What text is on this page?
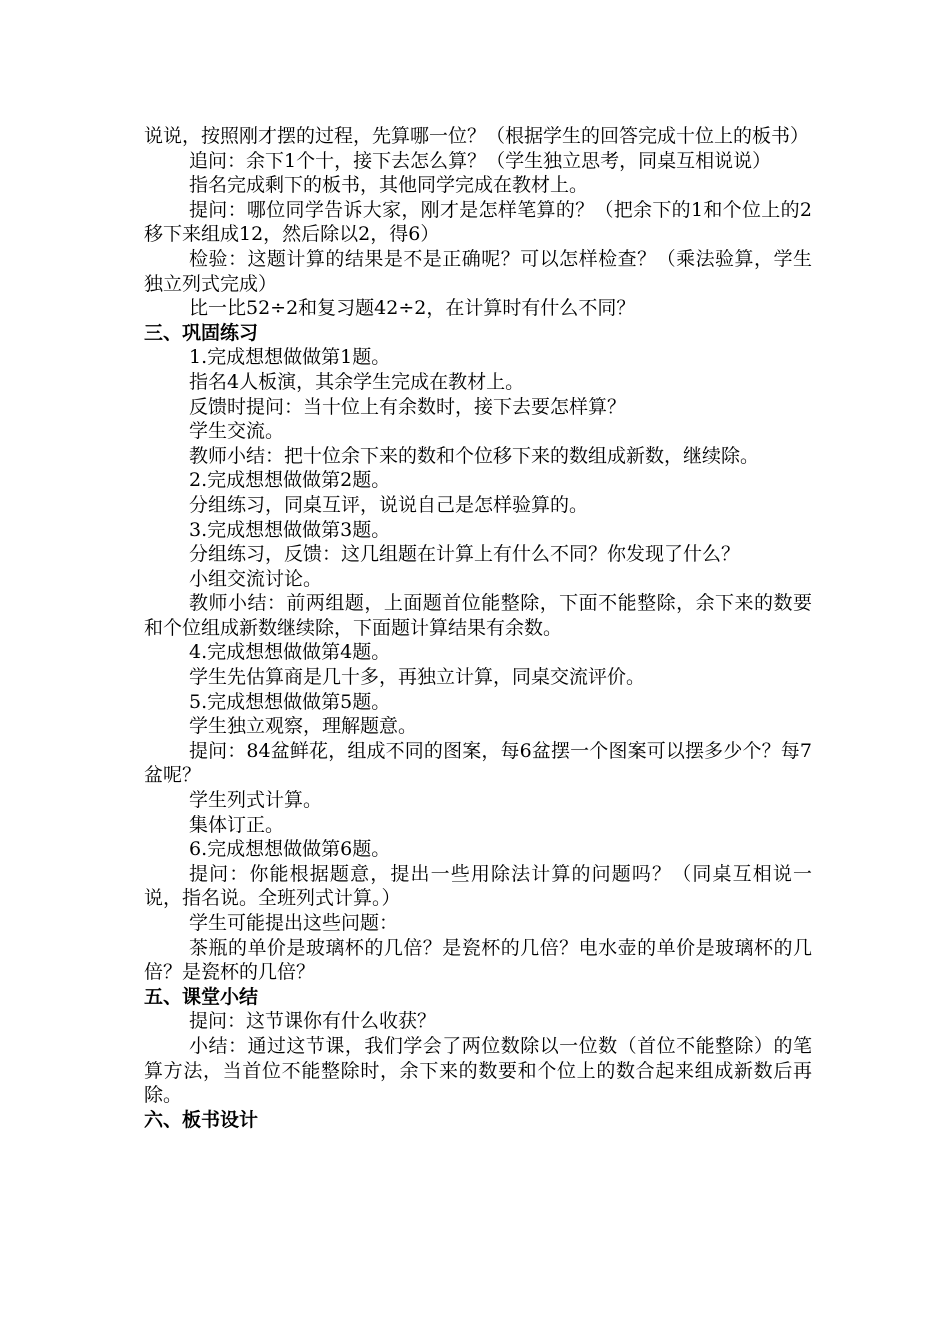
说说，按照刚才摆的过程，先算哪一位？（根据学生的回答完成十位上的板书）

追问：余下1个十，接下去怎么算？（学生独立思考，同桌互相说说）

指名完成剩下的板书，其他同学完成在教材上。

提问：哪位同学告诉大家，刚才是怎样笔算的？（把余下的1和个位上的2移下来组成12，然后除以2，得6）

检验：这题计算的结果是不是正确呢？可以怎样检查？（乘法验算，学生独立列式完成）

比一比52÷2和复习题42÷2，在计算时有什么不同？

三、巩固练习

1.完成想想做做第1题。

指名4人板演，其余学生完成在教材上。

反馈时提问：当十位上有余数时，接下去要怎样算？

学生交流。

教师小结：把十位余下来的数和个位移下来的数组成新数，继续除。

2.完成想想做做第2题。

分组练习，同桌互评，说说自己是怎样验算的。

3.完成想想做做第3题。

分组练习，反馈：这几组题在计算上有什么不同？你发现了什么？

小组交流讨论。

教师小结：前两组题，上面题首位能整除，下面不能整除，余下来的数要和个位组成新数继续除，下面题计算结果有余数。

4.完成想想做做第4题。

学生先估算商是几十多，再独立计算，同桌交流评价。

5.完成想想做做第5题。

学生独立观察，理解题意。

提问：84盆鲜花，组成不同的图案，每6盆摆一个图案可以摆多少个？每7盆呢？

学生列式计算。

集体订正。

6.完成想想做做第6题。

提问：你能根据题意，提出一些用除法计算的问题吗？（同桌互相说一说，指名说。全班列式计算。）

学生可能提出这些问题：

茶瓶的单价是玻璃杯的几倍？是瓷杯的几倍？电水壶的单价是玻璃杯的几倍？是瓷杯的几倍？

五、课堂小结

提问：这节课你有什么收获？

小结：通过这节课，我们学会了两位数除以一位数（首位不能整除）的笔算方法，当首位不能整除时，余下来的数要和个位上的数合起来组成新数后再除。

六、板书设计
